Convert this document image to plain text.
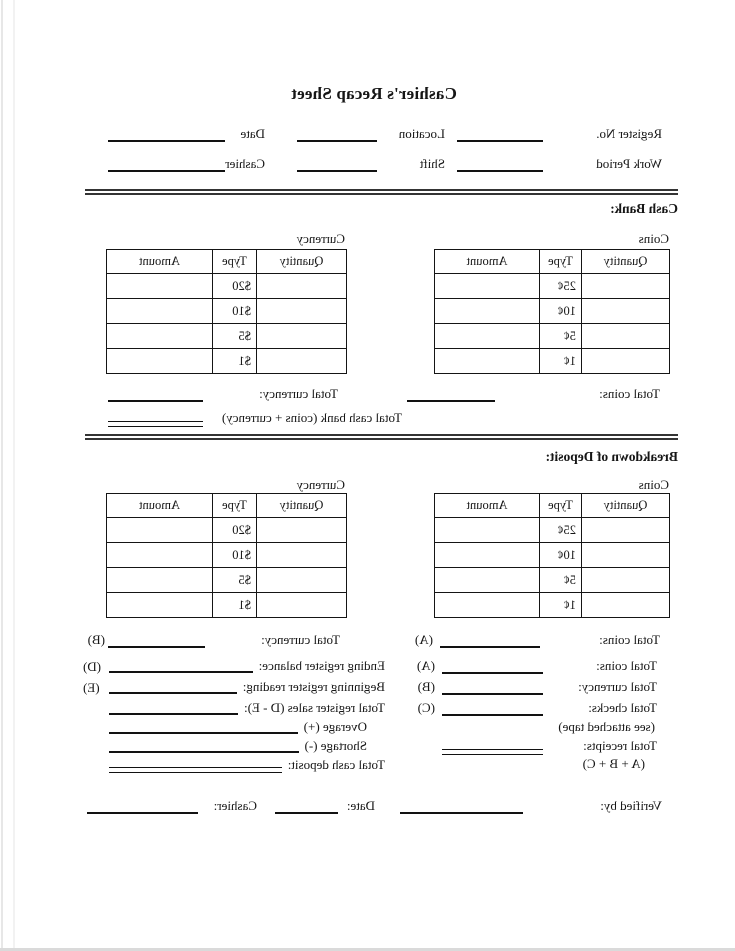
Cashier's Recap Sheet
Register No.
Location
Date
Work Period
Shift
Cashier
Cash Bank:
Coins
Currency
Quantity	Type	Amount
	25¢	
	10¢	
	5¢	
	1¢	
Quantity	Type	Amount
	$20	
	$10	
	$5	
	$1	
Total coins:
Total currency:
Total cash bank (coins + currency)
Breakdown of Deposit:
Coins
Currency
Quantity	Type	Amount
	25¢	
	10¢	
	5¢	
	1¢	
Quantity	Type	Amount
	$20	
	$10	
	$5	
	$1	
Total coins:
(A)
Total currency:
(B)
Total coins:
(A)
Total currency:
(B)
Total checks:
(C)
(see attached tape)
Total receipts:
(A + B + C)
Ending register balance:
(D)
Beginning register reading:
(E)
Total register sales (D - E):
Overage (+)
Shortage (-)
Total cash deposit:
Verified by:
Date:
Cashier:
